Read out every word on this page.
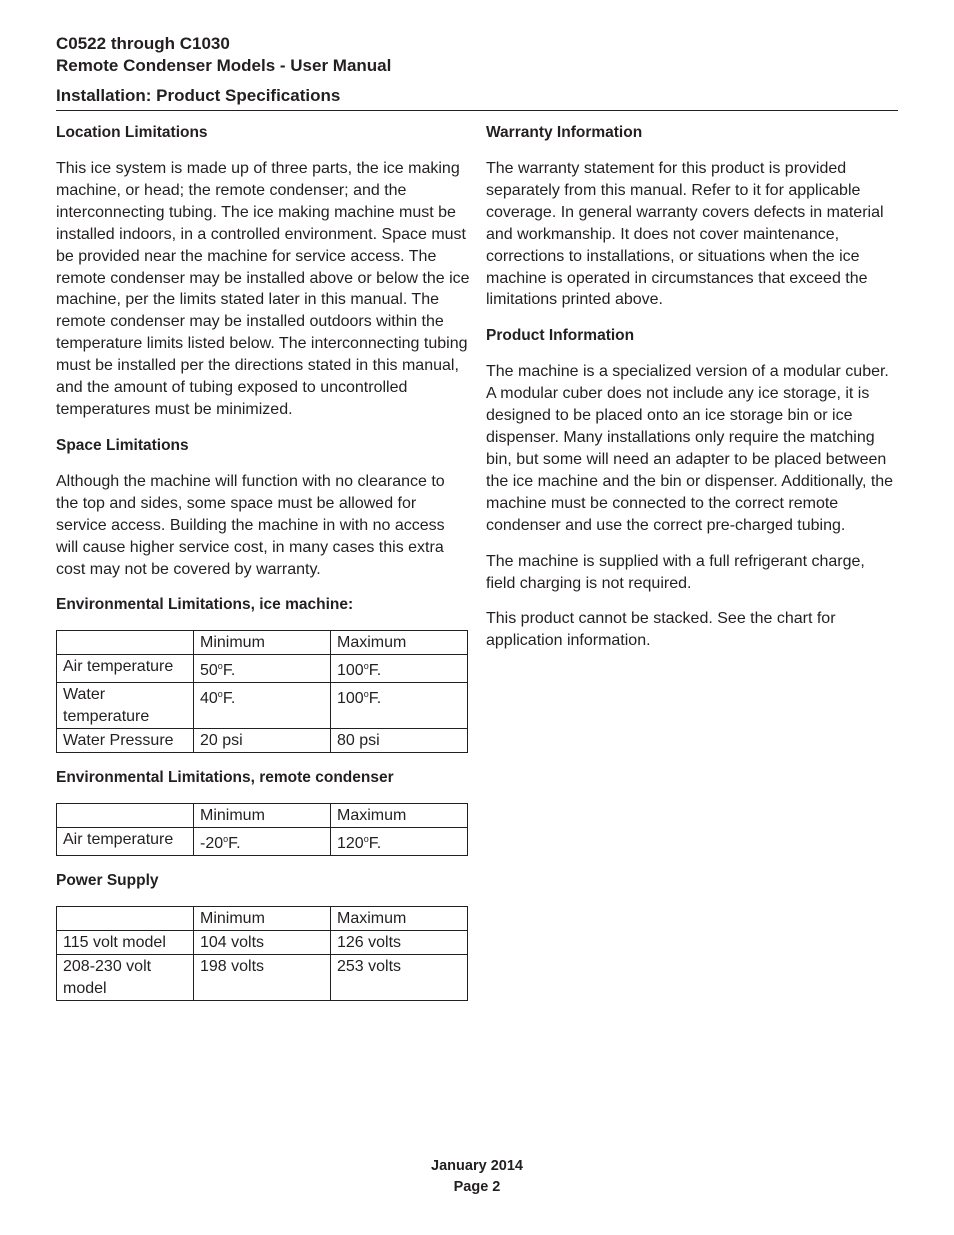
C0522 through C1030
Remote Condenser Models - User Manual
Installation: Product Specifications
Location Limitations

This ice system is made up of three parts, the ice making machine, or head; the remote condenser; and the interconnecting tubing. The ice making machine must be installed indoors, in a controlled environment. Space must be provided near the machine for service access. The remote condenser may be installed above or below the ice machine, per the limits stated later in this manual. The remote condenser may be installed outdoors within the temperature limits listed below. The interconnecting tubing must be installed per the directions stated in this manual, and the amount of tubing exposed to uncontrolled temperatures must be minimized.

Space Limitations

Although the machine will function with no clearance to the top and sides, some space must be allowed for service access. Building the machine in with no access will cause higher service cost, in many cases this extra cost may not be covered by warranty.

Environmental Limitations, ice machine:
	Minimum	Maximum
Air temperature	50$^o$F.	100$^o$F.
Water temperature	40$^o$F.	100$^o$F.
Water Pressure	20 psi	80 psi
Environmental Limitations, remote condenser
	Minimum	Maximum
Air temperature	-20$^o$F.	120$^o$F.
Power Supply
	Minimum	Maximum
115 volt model	104 volts	126 volts
208-230 volt model	198 volts	253 volts
Warranty Information

The warranty statement for this product is provided separately from this manual. Refer to it for applicable coverage. In general warranty covers defects in material and workmanship. It does not cover maintenance, corrections to installations, or situations when the ice machine is operated in circumstances that exceed the limitations printed above.

Product Information

The machine is a specialized version of a modular cuber. A modular cuber does not include any ice storage, it is designed to be placed onto an ice storage bin or ice dispenser. Many installations only require the matching bin, but some will need an adapter to be placed between the ice machine and the bin or dispenser. Additionally, the machine must be connected to the correct remote condenser and use the correct pre-charged tubing.

The machine is supplied with a full refrigerant charge, field charging is not required.

This product cannot be stacked. See the chart for application information.

January 2014
Page 2
